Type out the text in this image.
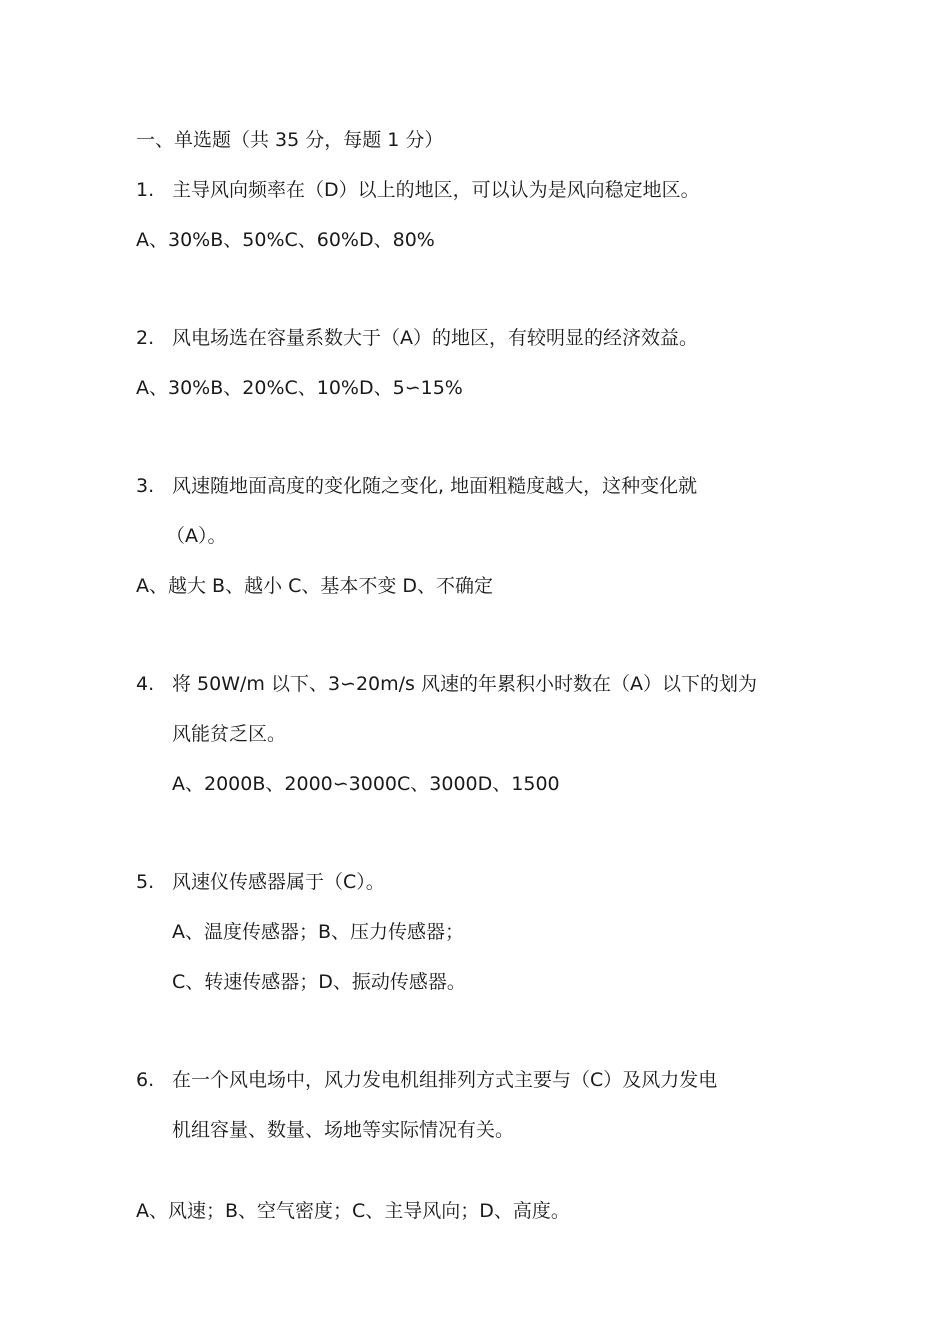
一、单选题（共 35 分，每题 1 分）
1. 主导风向频率在（D）以上的地区，可以认为是风向稳定地区。
A、30%B、50%C、60%D、80%
2. 风电场选在容量系数大于（A）的地区，有较明显的经济效益。
A、30%B、20%C、10%D、5∽15%
3. 风速随地面高度的变化随之变化, 地面粗糙度越大，这种变化就
（A）。
A、越大 B、越小 C、基本不变 D、不确定
4. 将 50W/m 以下、3∽20m/s 风速的年累积小时数在（A）以下的划为
风能贫乏区。
A、2000B、2000∽3000C、3000D、1500
5. 风速仪传感器属于（C）。
A、温度传感器；B、压力传感器；
C、转速传感器；D、振动传感器。
6. 在一个风电场中，风力发电机组排列方式主要与（C）及风力发电
机组容量、数量、场地等实际情况有关。
A、风速；B、空气密度；C、主导风向；D、高度。
